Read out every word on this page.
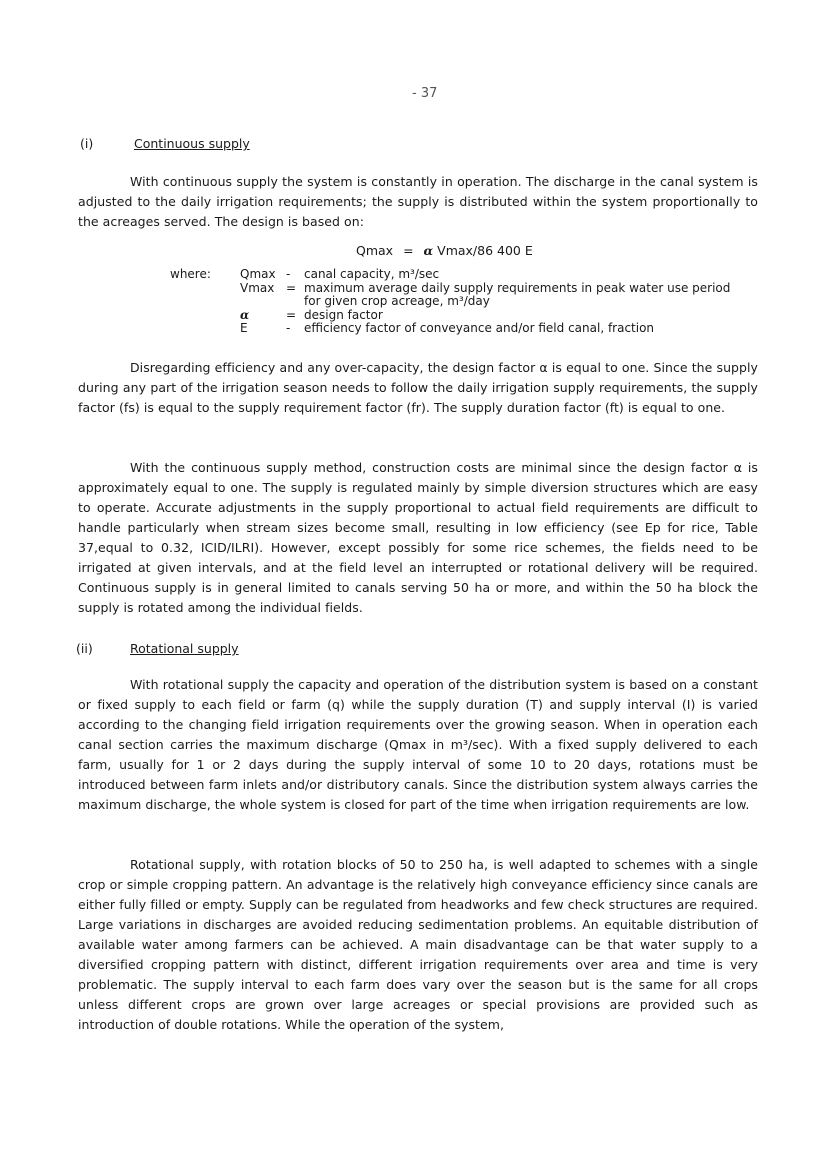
- 37
(i)	Continuous supply

With continuous supply the system is constantly in operation. The discharge in the canal system is adjusted to the daily irrigation requirements; the supply is distributed within the system proportionally to the acreages served. The design is based on:

Qmax = α Vmax/86 400 E
where:	Qmax -	canal capacity, m³/sec
Vmax = maximum average daily supply requirements in peak water use period for given crop acreage, m³/day
α	= design factor
E	-	efficiency factor of conveyance and/or field canal, fraction

Disregarding efficiency and any over-capacity, the design factor α is equal to one. Since the supply during any part of the irrigation season needs to follow the daily irrigation supply requirements, the supply factor (fs) is equal to the supply requirement factor (fr). The supply duration factor (ft) is equal to one.

With the continuous supply method, construction costs are minimal since the design factor α is approximately equal to one. The supply is regulated mainly by simple diversion structures which are easy to operate. Accurate adjustments in the supply proportional to actual field requirements are difficult to handle particularly when stream sizes become small, resulting in low efficiency (see Ep for rice, Table 37,equal to 0.32, ICID/ILRI). However, except possibly for some rice schemes, the fields need to be irrigated at given intervals, and at the field level an interrupted or rotational delivery will be required. Continuous supply is in general limited to canals serving 50 ha or more, and within the 50 ha block the supply is rotated among the individual fields.

(ii)	Rotational supply

With rotational supply the capacity and operation of the distribution system is based on a constant or fixed supply to each field or farm (q) while the supply duration (T) and supply interval (I) is varied according to the changing field irrigation requirements over the growing season. When in operation each canal section carries the maximum discharge (Qmax in m³/sec). With a fixed supply delivered to each farm, usually for 1 or 2 days during the supply interval of some 10 to 20 days, rotations must be introduced between farm inlets and/or distributory canals. Since the distribution system always carries the maximum discharge, the whole system is closed for part of the time when irrigation requirements are low.

Rotational supply, with rotation blocks of 50 to 250 ha, is well adapted to schemes with a single crop or simple cropping pattern. An advantage is the relatively high conveyance efficiency since canals are either fully filled or empty. Supply can be regulated from headworks and few check structures are required. Large variations in discharges are avoided reducing sedimentation problems. An equitable distribution of available water among farmers can be achieved. A main disadvantage can be that water supply to a diversified cropping pattern with distinct, different irrigation requirements over area and time is very problematic. The supply interval to each farm does vary over the season but is the same for all crops unless different crops are grown over large acreages or special provisions are provided such as introduction of double rotations. While the operation of the system,
